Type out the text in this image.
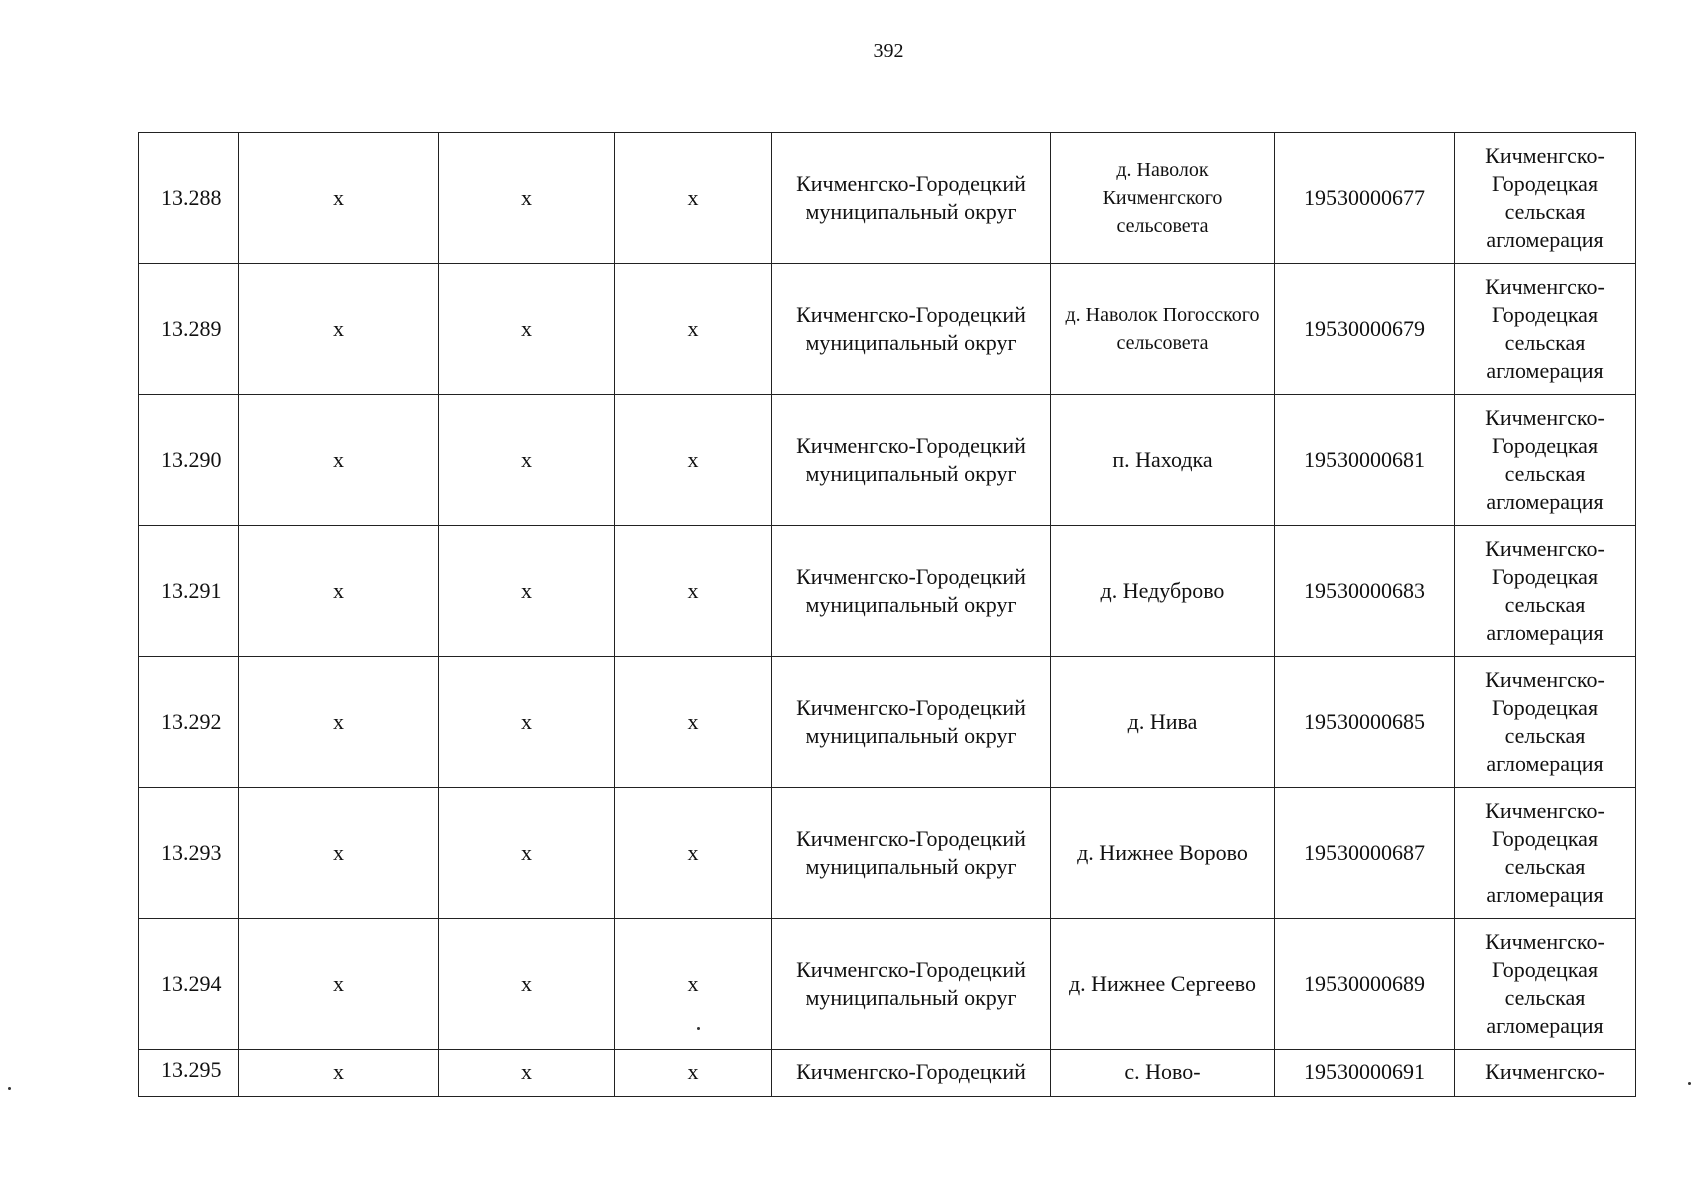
392
13.288	x	x	x	Кичменгско-Городецкий муниципальный округ	д. Наволок Кичменгского сельсовета	19530000677	Кичменгско-Городецкая сельская агломерация
13.289	x	x	x	Кичменгско-Городецкий муниципальный округ	д. Наволок Погосского сельсовета	19530000679	Кичменгско-Городецкая сельская агломерация
13.290	x	x	x	Кичменгско-Городецкий муниципальный округ	п. Находка	19530000681	Кичменгско-Городецкая сельская агломерация
13.291	x	x	x	Кичменгско-Городецкий муниципальный округ	д. Недуброво	19530000683	Кичменгско-Городецкая сельская агломерация
13.292	x	x	x	Кичменгско-Городецкий муниципальный округ	д. Нива	19530000685	Кичменгско-Городецкая сельская агломерация
13.293	x	x	x	Кичменгско-Городецкий муниципальный округ	д. Нижнее Ворово	19530000687	Кичменгско-Городецкая сельская агломерация
13.294	x	x	x	Кичменгско-Городецкий муниципальный округ	д. Нижнее Сергеево	19530000689	Кичменгско-Городецкая сельская агломерация
13.295	x	x	x	Кичменгско-Городецкий	с. Ново-	19530000691	Кичменгско-
